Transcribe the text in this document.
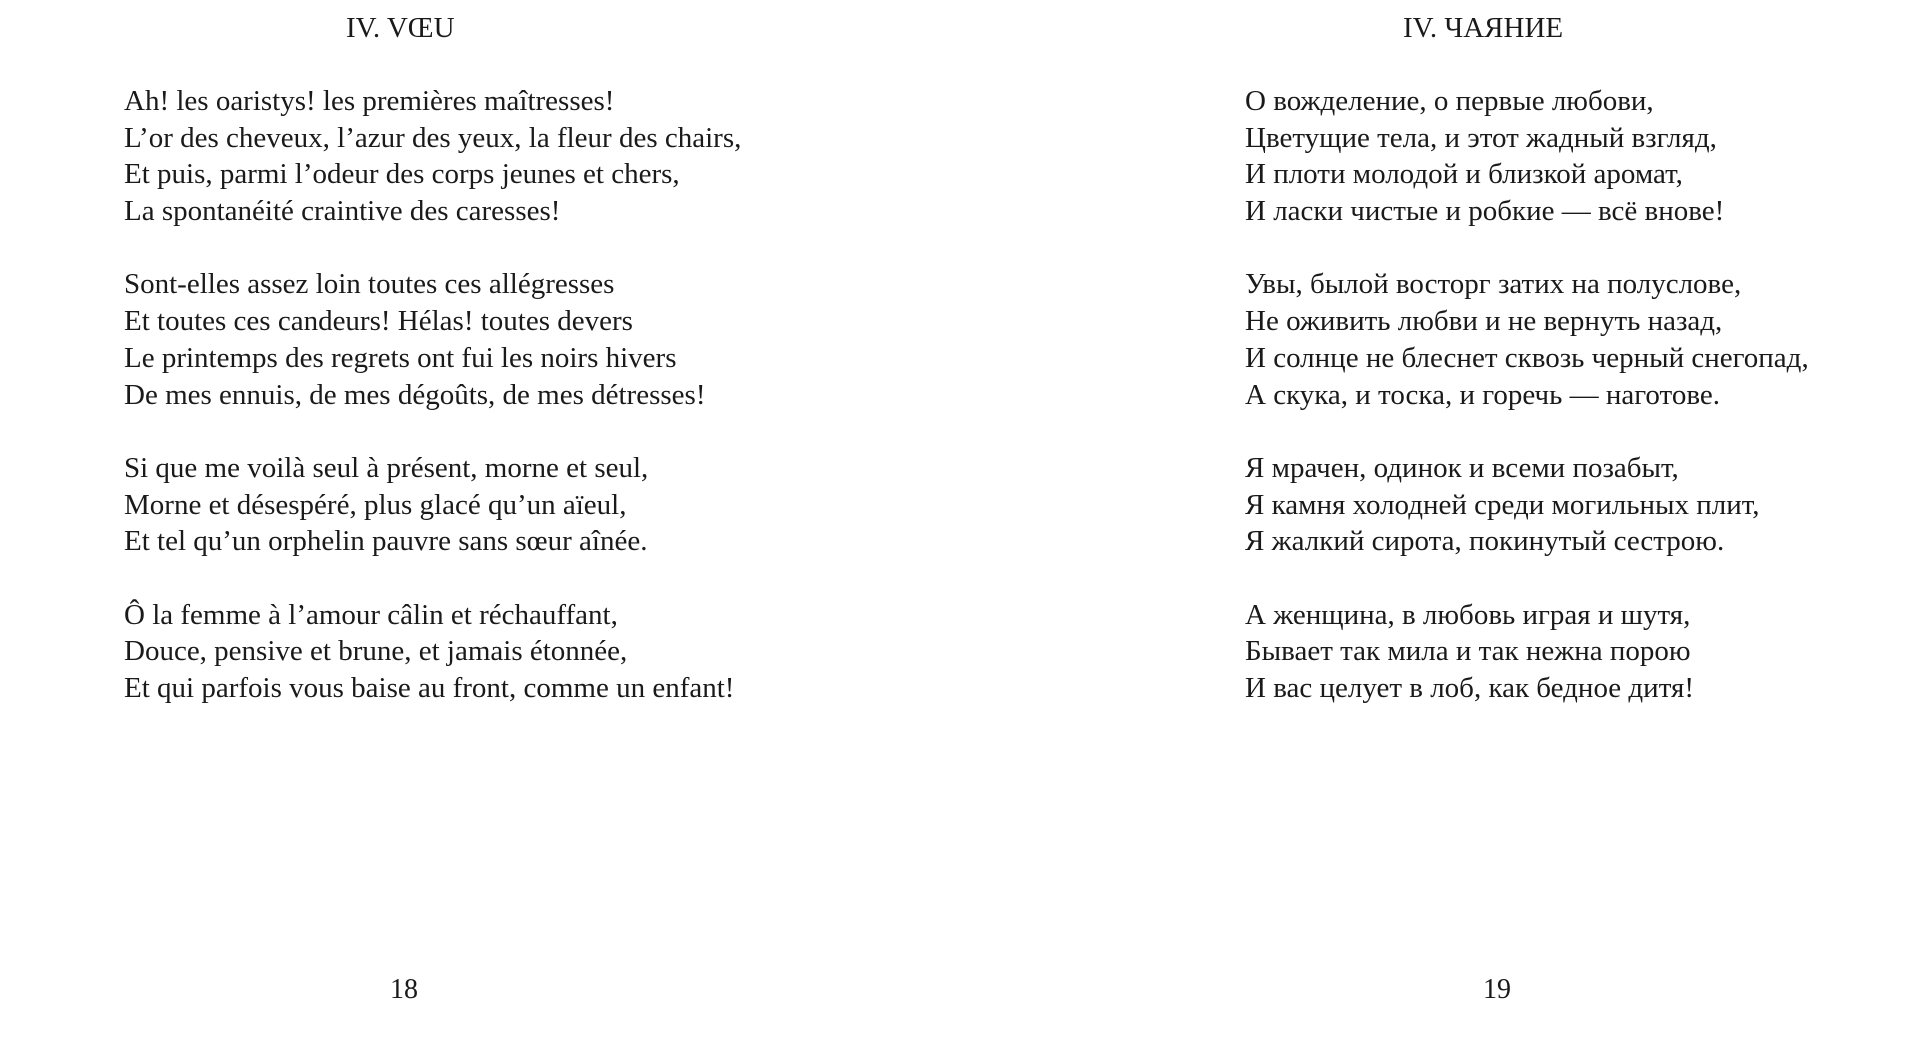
IV. VŒU
Ah! les oaristys! les premières maîtresses!
L’or des cheveux, l’azur des yeux, la fleur des chairs,
Et puis, parmi l’odeur des corps jeunes et chers,
La spontanéité craintive des caresses!
Sont-elles assez loin toutes ces allégresses
Et toutes ces candeurs! Hélas! toutes devers
Le printemps des regrets ont fui les noirs hivers
De mes ennuis, de mes dégoûts, de mes détresses!
Si que me voilà seul à présent, morne et seul,
Morne et désespéré, plus glacé qu’un aïeul,
Et tel qu’un orphelin pauvre sans sœur aînée.
Ô la femme à l’amour câlin et réchauffant,
Douce, pensive et brune, et jamais étonnée,
Et qui parfois vous baise au front, comme un enfant!
18
IV. ЧАЯНИЕ
О вожделение, о первые любови,
Цветущие тела, и этот жадный взгляд,
И плоти молодой и близкой аромат,
И ласки чистые и робкие — всё внове!
Увы, былой восторг затих на полуслове,
Не оживить любви и не вернуть назад,
И солнце не блеснет сквозь черный снегопад,
А скука, и тоска, и горечь — наготове.
Я мрачен, одинок и всеми позабыт,
Я камня холодней среди могильных плит,
Я жалкий сирота, покинутый сестрою.
А женщина, в любовь играя и шутя,
Бывает так мила и так нежна порою
И вас целует в лоб, как бедное дитя!
19
